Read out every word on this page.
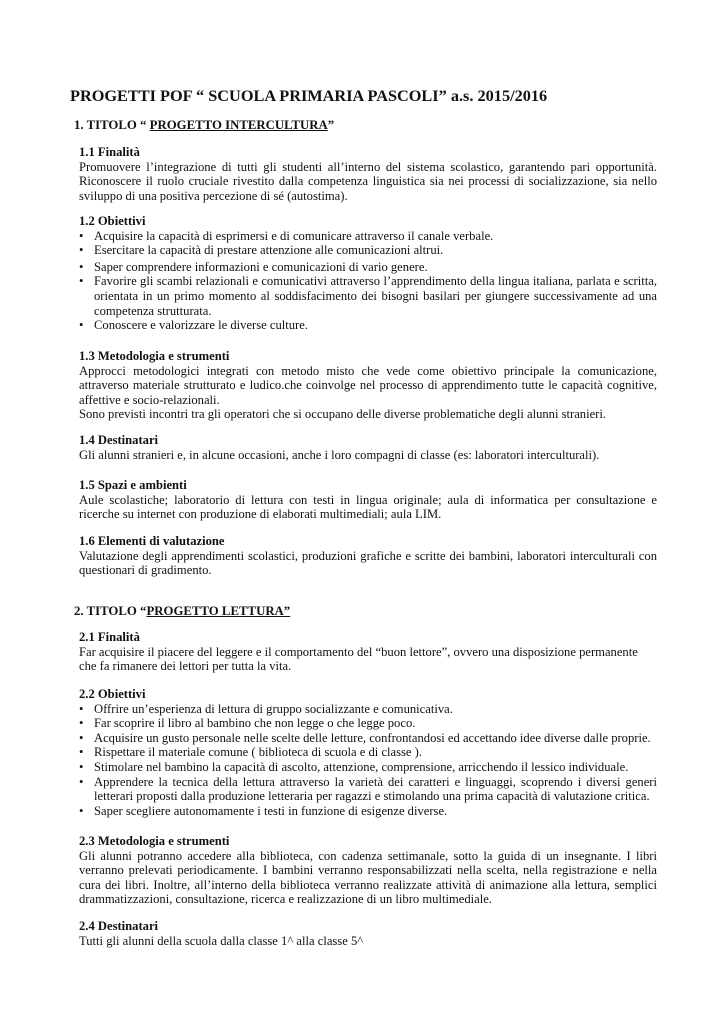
PROGETTI POF “ SCUOLA PRIMARIA PASCOLI” a.s. 2015/2016
1. TITOLO “ PROGETTO INTERCULTURA”
1.1 Finalità

Promuovere l’integrazione di tutti gli studenti all’interno del sistema scolastico, garantendo pari opportunità. Riconoscere il ruolo cruciale rivestito dalla competenza linguistica sia nei processi di socializzazione, sia nello sviluppo di una positiva percezione di sé (autostima).

1.2 Obiettivi
• Acquisire la capacità di esprimersi e di comunicare attraverso il canale verbale.
• Esercitare la capacità di prestare attenzione alle comunicazioni altrui.
• Saper comprendere informazioni e comunicazioni di vario genere.
• Favorire gli scambi relazionali e comunicativi attraverso l’apprendimento della lingua italiana, parlata e scritta, orientata in un primo momento al soddisfacimento dei bisogni basilari per giungere successivamente ad una competenza strutturata.
• Conoscere e valorizzare le diverse culture.
1.3 Metodologia e strumenti

Approcci metodologici integrati con metodo misto che vede come obiettivo principale la comunicazione, attraverso materiale strutturato e ludico.che coinvolge nel processo di apprendimento tutte le capacità cognitive, affettive e socio-relazionali.

Sono previsti incontri tra gli operatori che si occupano delle diverse problematiche degli alunni stranieri.

1.4 Destinatari

Gli alunni stranieri e, in alcune occasioni, anche i loro compagni di classe (es: laboratori interculturali).

1.5 Spazi e ambienti

Aule scolastiche; laboratorio di lettura con testi in lingua originale; aula di informatica per consultazione e ricerche su internet con produzione di elaborati multimediali; aula LIM.

1.6 Elementi di valutazione

Valutazione degli apprendimenti scolastici, produzioni grafiche e scritte dei bambini, laboratori interculturali con questionari di gradimento.

2. TITOLO “PROGETTO LETTURA”
2.1 Finalità

Far acquisire il piacere del leggere e il comportamento del “buon lettore”, ovvero una disposizione permanente che fa rimanere dei lettori per tutta la vita.

2.2 Obiettivi
• Offrire un’esperienza di lettura di gruppo socializzante e comunicativa.
• Far scoprire il libro al bambino che non legge o che legge poco.
• Acquisire un gusto personale nelle scelte delle letture, confrontandosi ed accettando idee diverse dalle proprie.
• Rispettare il materiale comune ( biblioteca di scuola e di classe ).
• Stimolare nel bambino la capacità di ascolto, attenzione, comprensione, arricchendo il lessico individuale.
• Apprendere la tecnica della lettura attraverso la varietà dei caratteri e linguaggi, scoprendo i diversi generi letterari proposti dalla produzione letteraria per ragazzi e stimolando una prima capacità di valutazione critica.
• Saper scegliere autonomamente i testi in funzione di esigenze diverse.
2.3 Metodologia e strumenti

Gli alunni potranno accedere alla biblioteca, con cadenza settimanale, sotto la guida di un insegnante. I libri verranno prelevati periodicamente. I bambini verranno responsabilizzati nella scelta, nella registrazione e nella cura dei libri. Inoltre, all’interno della biblioteca verranno realizzate attività di animazione alla lettura, semplici drammatizzazioni, consultazione, ricerca e realizzazione di un libro multimediale.

2.4 Destinatari

Tutti gli alunni della scuola dalla classe 1^ alla classe 5^
